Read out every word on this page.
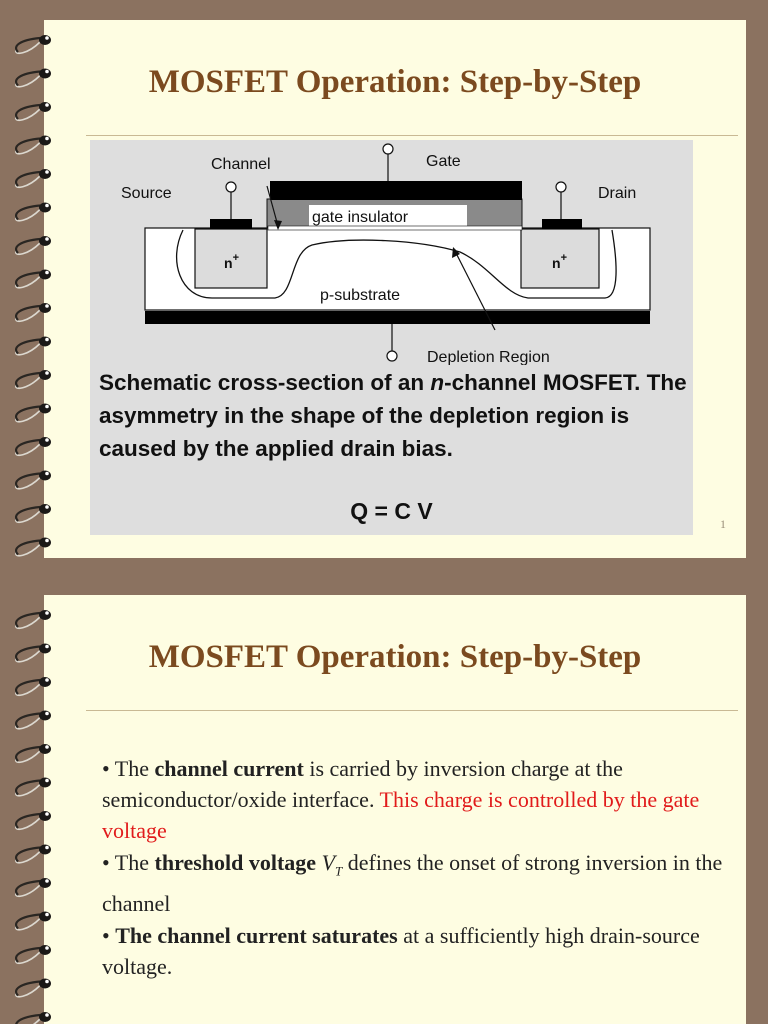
MOSFET Operation: Step-by-Step
Channel	Gate
Source	Drain
gate insulator
n+	n+
p-substrate
Depletion Region
Schematic cross-section of an n-channel MOSFET. The asymmetry in the shape of the depletion region is caused by the applied drain bias.
Q = C V	1
MOSFET Operation: Step-by-Step

• The channel current is carried by inversion charge at the semiconductor/oxide interface. This charge is controlled by the gate voltage

• The threshold voltage $V_T$ defines the onset of strong inversion in the channel

• The channel current saturates at a sufficiently high drain-source voltage.
